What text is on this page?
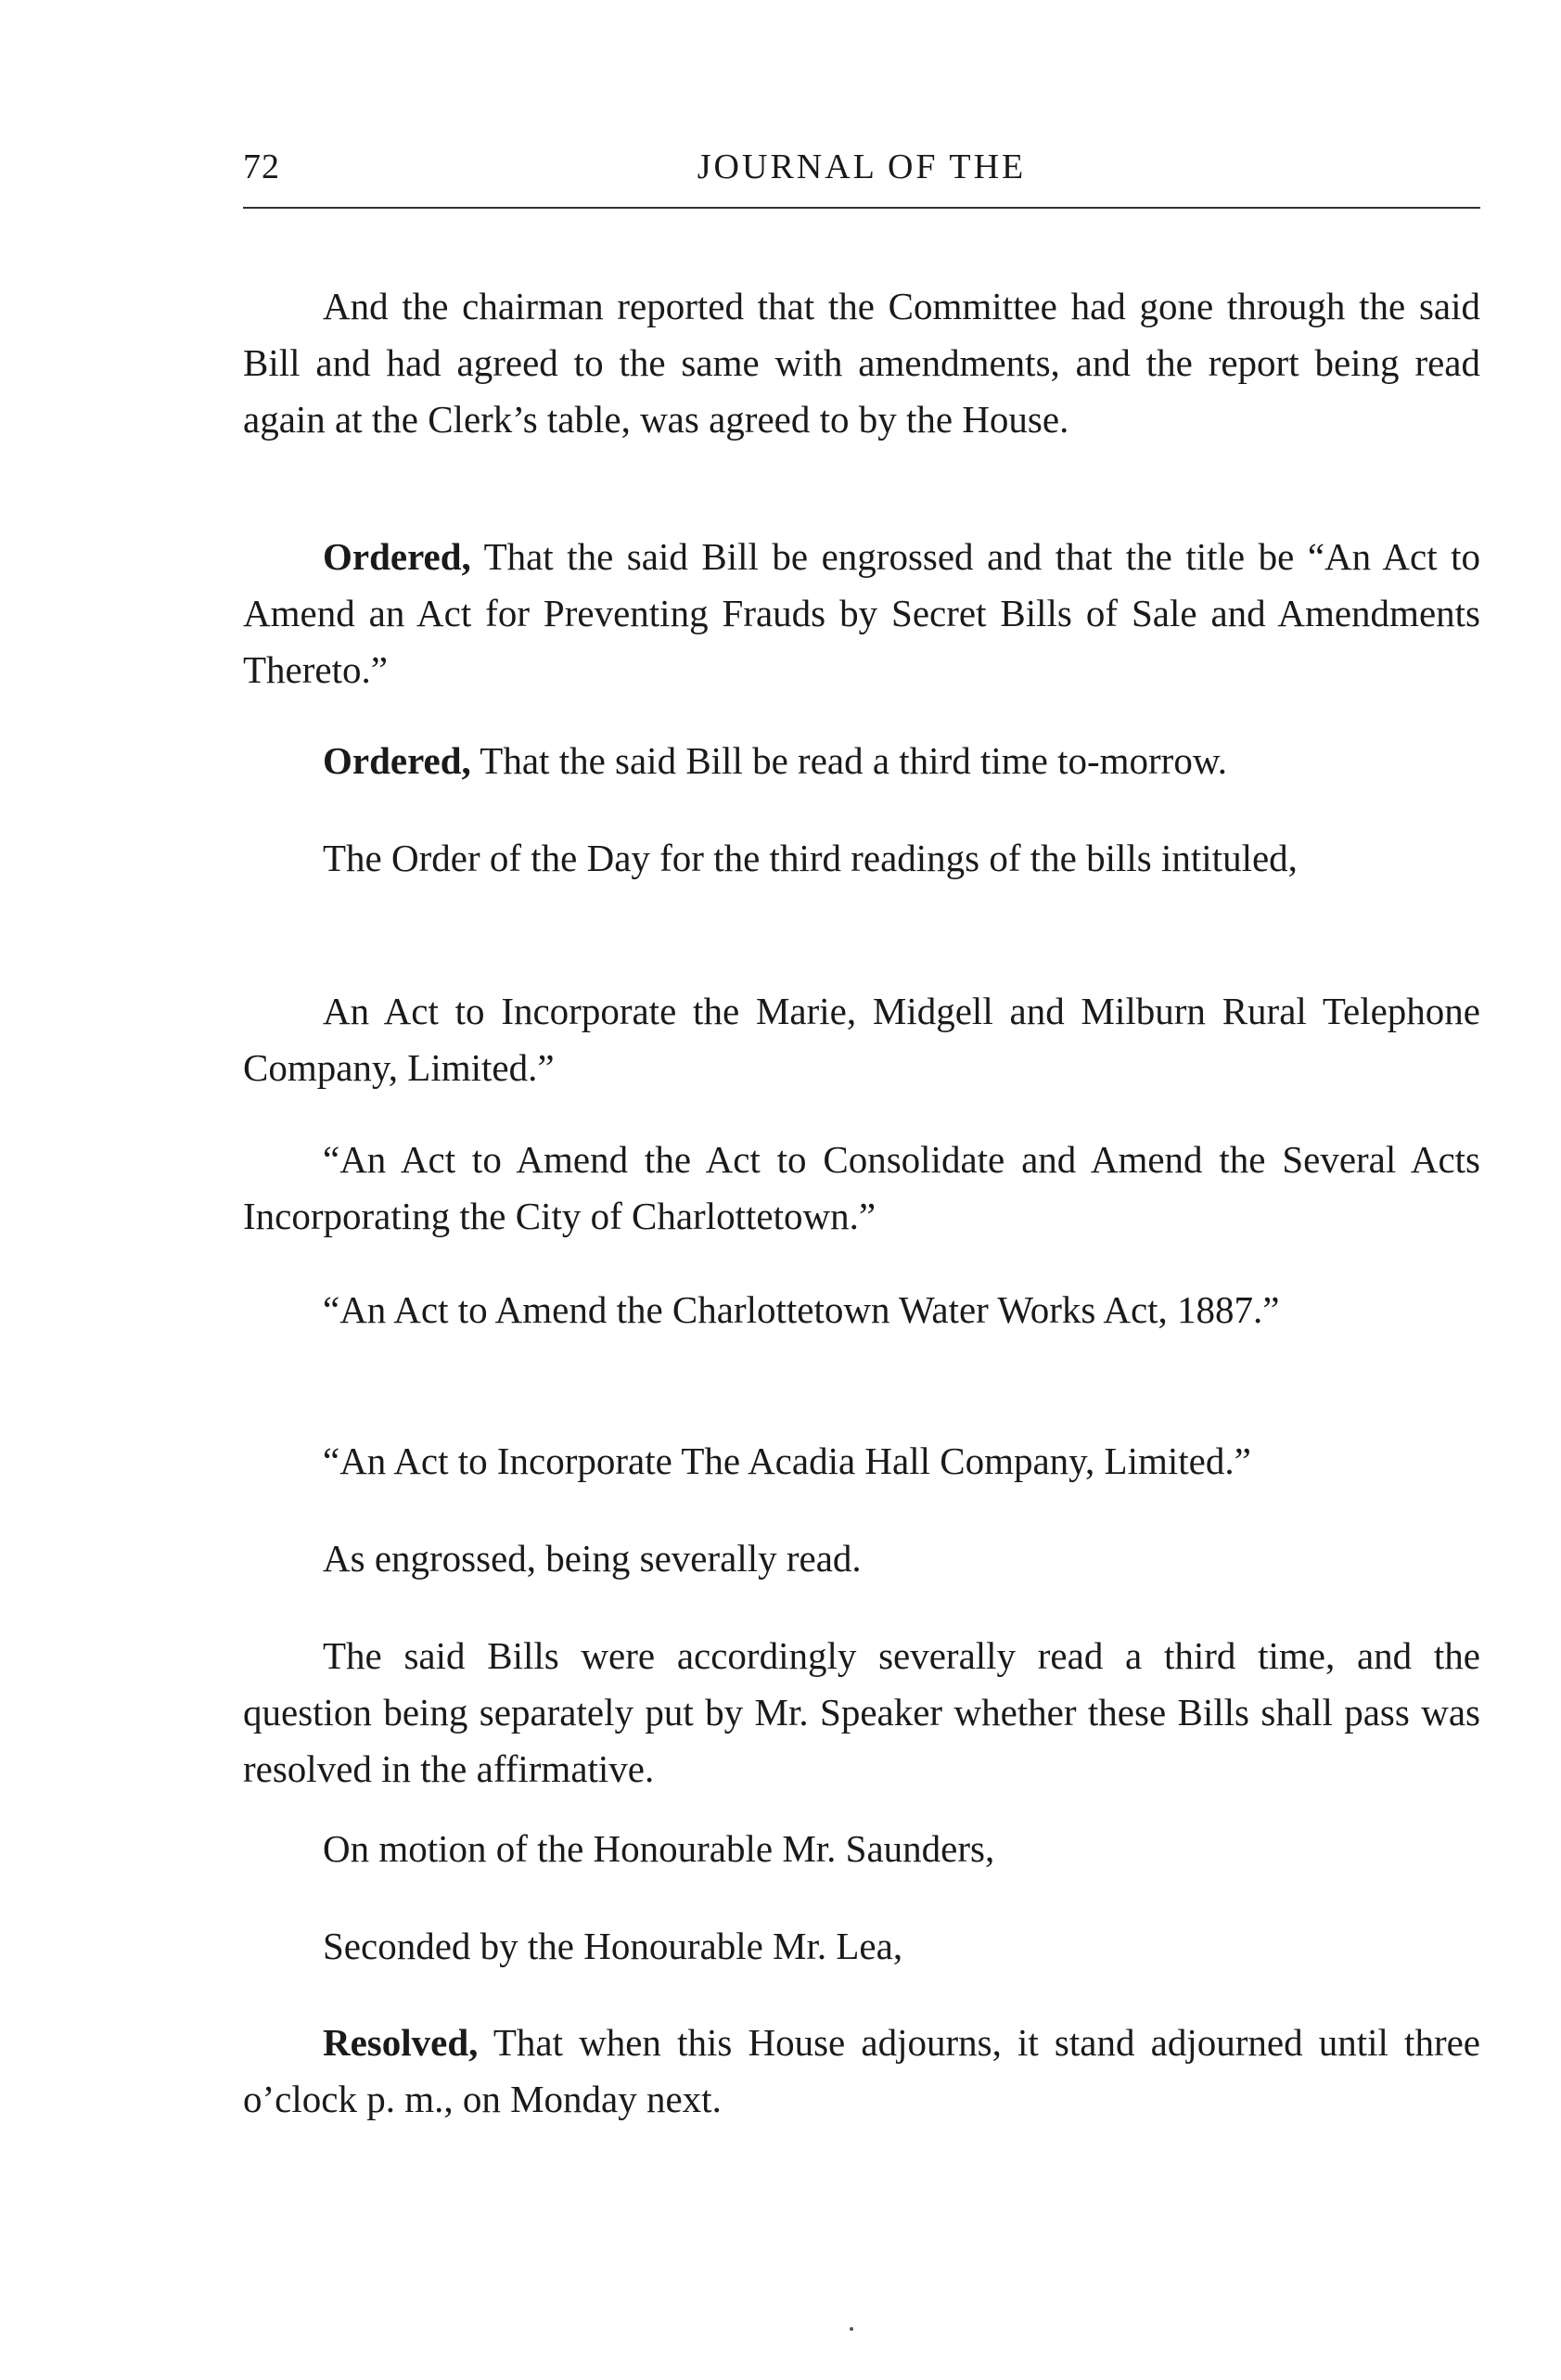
72	JOURNAL OF THE

And the chairman reported that the Committee had gone through the said Bill and had agreed to the same with amendments, and the report being read again at the Clerk’s table, was agreed to by the House.

Ordered, That the said Bill be engrossed and that the title be “An Act to Amend an Act for Preventing Frauds by Secret Bills of Sale and Amendments Thereto.”

Ordered, That the said Bill be read a third time to-morrow.

The Order of the Day for the third readings of the bills intituled,

An Act to Incorporate the Marie, Midgell and Milburn Rural Telephone Company, Limited.”

“An Act to Amend the Act to Consolidate and Amend the Several Acts Incorporating the City of Charlottetown.”

“An Act to Amend the Charlottetown Water Works Act, 1887.”

“An Act to Incorporate The Acadia Hall Company, Limited.”

As engrossed, being severally read.

The said Bills were accordingly severally read a third time, and the question being separately put by Mr. Speaker whether these Bills shall pass was resolved in the affirmative.

On motion of the Honourable Mr. Saunders,

Seconded by the Honourable Mr. Lea,

Resolved, That when this House adjourns, it stand adjourned until three o’clock p. m., on Monday next.
